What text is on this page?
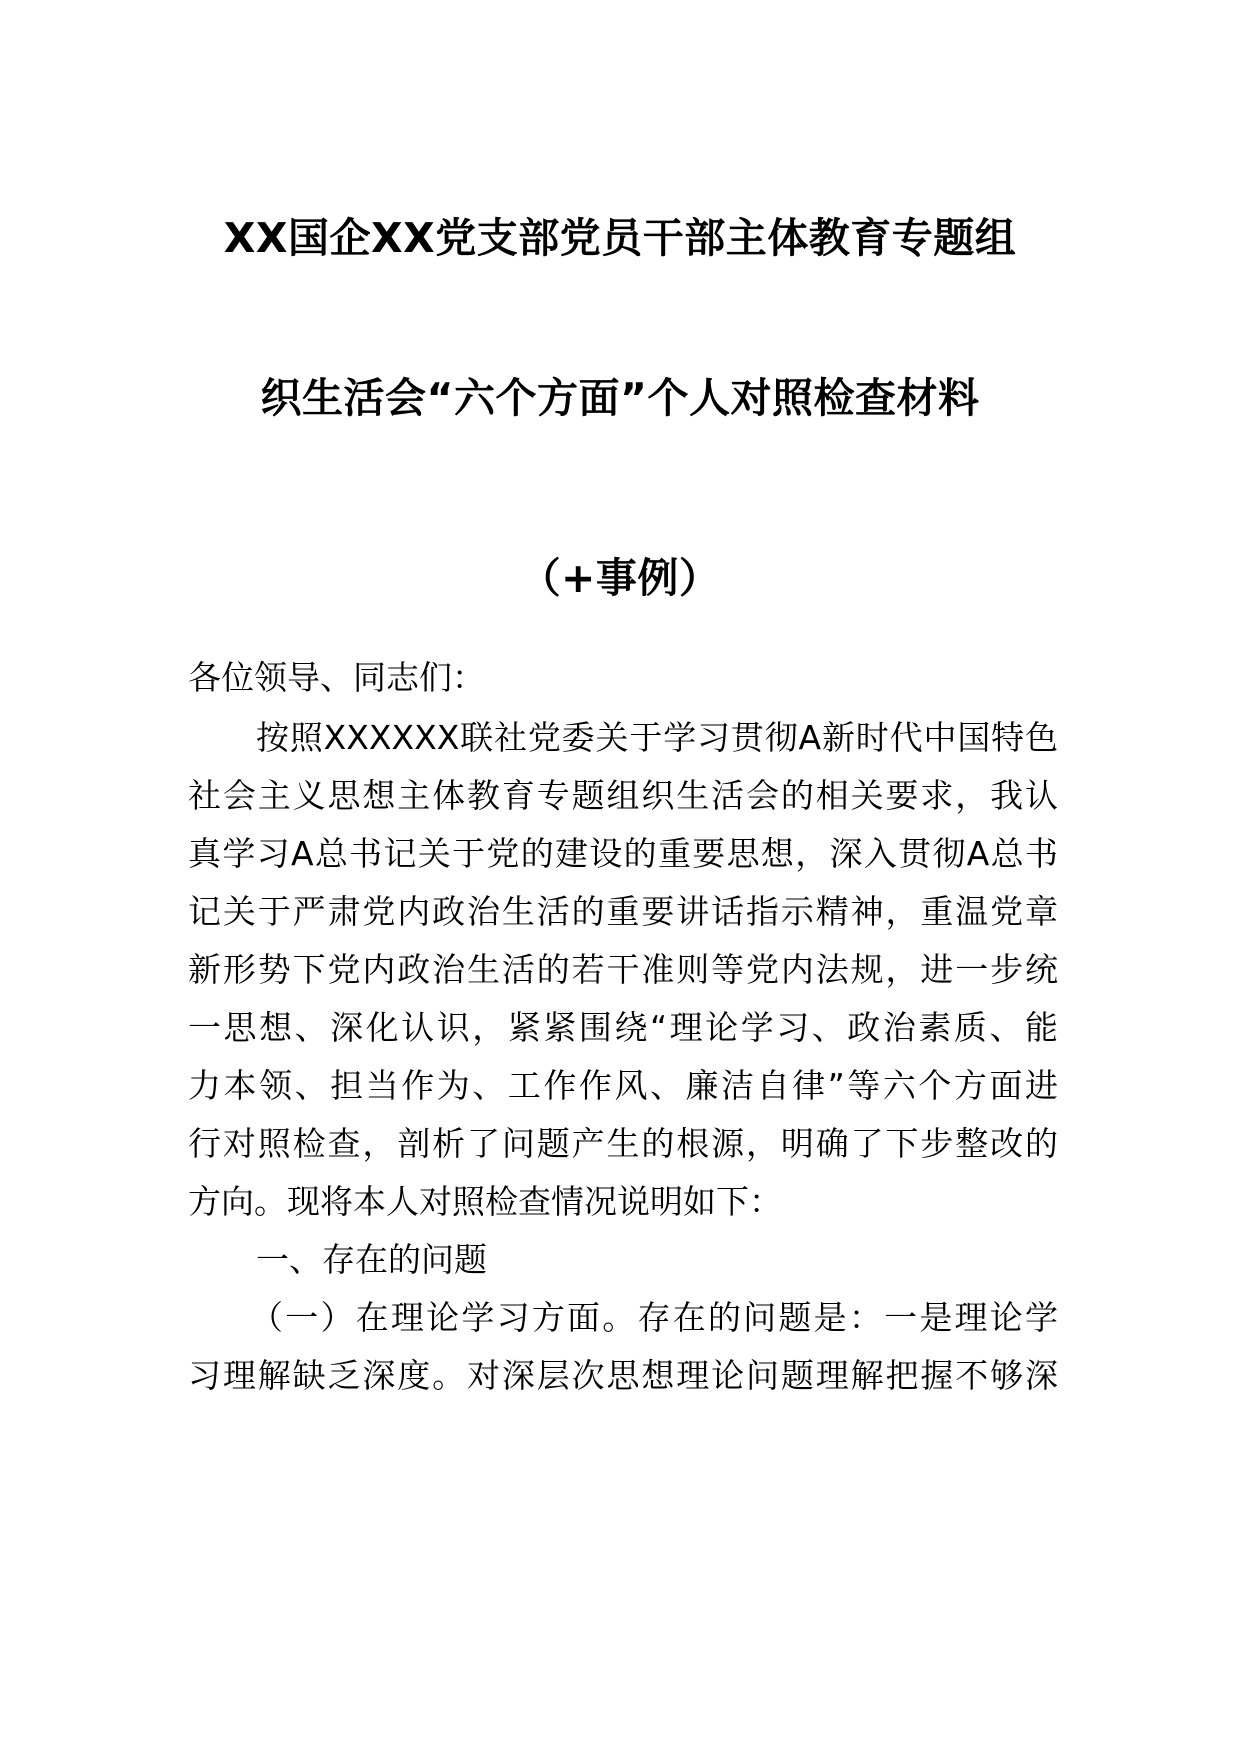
XX国企XX党支部党员干部主体教育专题组
织生活会“六个方面”个人对照检查材料
（+事例）
各位领导、同志们：
按照XXXXXX联社党委关于学习贯彻A新时代中国特色
社会主义思想主体教育专题组织生活会的相关要求，我认
真学习A总书记关于党的建设的重要思想，深入贯彻A总书
记关于严肃党内政治生活的重要讲话指示精神，重温党章
新形势下党内政治生活的若干准则等党内法规，进一步统
一思想、深化认识，紧紧围绕“理论学习、政治素质、能
力本领、担当作为、工作作风、廉洁自律”等六个方面进
行对照检查，剖析了问题产生的根源，明确了下步整改的
方向。现将本人对照检查情况说明如下：
一、存在的问题
（一）在理论学习方面。存在的问题是：一是理论学
习理解缺乏深度。对深层次思想理论问题理解把握不够深
